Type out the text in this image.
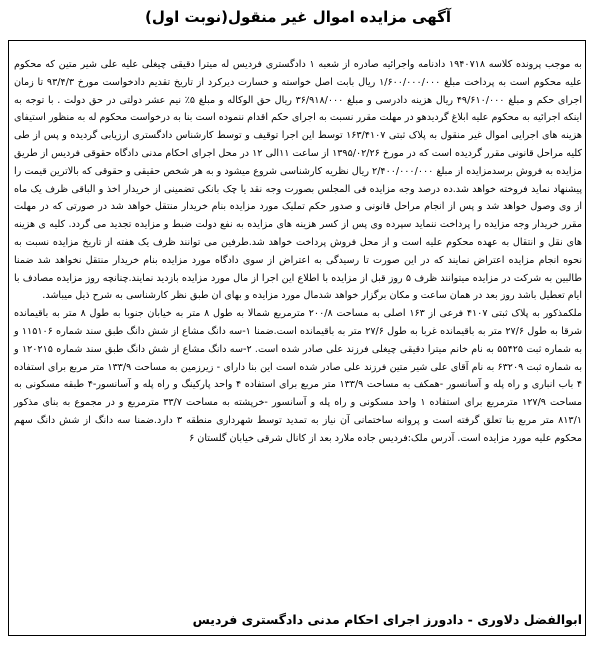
آگهی مزایده اموال غیر منقول(نوبت اول)

به موجب پرونده کلاسه ۱۹۴۰۷۱۸ دادنامه واجرائیه صادره از شعبه ۱ دادگستری فردیس له میترا دقیقی چیغلی علیه علی شیر متین که محکوم علیه محکوم است به پرداخت مبلغ ۱/۶۰۰/۰۰۰/۰۰۰ ریال بابت اصل خواسته و خسارت دیرکرد از تاریخ تقدیم دادخواست مورخ ۹۳/۴/۳ تا زمان اجرای حکم و مبلغ ۴۹/۶۱۰/۰۰۰ ریال هزینه دادرسی و مبلغ ۳۶/۹۱۸/۰۰۰ ریال حق الوکاله و مبلغ ۵٪ نیم عشر دولتی در حق دولت . با توجه به اینکه اجرائیه به محکوم علیه ابلاغ گردیدهو در مهلت مقرر نسبت به اجرای حکم اقدام ننموده است بنا به درخواست محکوم له به منظور استیفای هزینه های اجرایی اموال غیر منقول به پلاک ثبتی ۱۶۳/۴۱۰۷ توسط این اجرا توقیف و توسط کارشناس دادگستری ارزیابی گردیده و پس از طی کلیه مراحل قانونی مقرر گردیده است که در مورخ ۱۳۹۵/۰۲/۲۶ از ساعت ۱۱الی ۱۲ در محل اجرای احکام مدنی دادگاه حقوقی فردیس از طریق مزایده به فروش برسدمزایده از مبلغ ۲/۴۰۰/۰۰۰/۰۰۰ ریال نظریه کارشناسی شروع میشود و به هر شخص حقیقی و حقوقی که بالاترین قیمت را پیشنهاد نماید فروخته خواهد شد.ده درصد وجه مزایده فی المجلس بصورت وجه نقد یا چک بانکی تضمینی از خریدار اخذ و الباقی ظرف یک ماه از وی وصول خواهد شد و پس از انجام مراحل قانونی و صدور حکم تملیک مورد مزایده بنام خریدار منتقل خواهد شد در صورتی که در مهلت مقرر خریدار وجه مزایده را پرداخت ننماید سپرده وی پس از کسر هزینه های مزایده به نفع دولت ضبط و مزایده تجدید می گردد. کلیه ی هزینه های نقل و انتقال به عهده محکوم علیه است و از محل فروش پرداخت خواهد شد.طرفین می توانند ظرف یک هفته از تاریخ مزایده نسبت به نحوه انجام مزایده اعتراض نمایند که در این صورت تا رسیدگی به اعتراض از سوی دادگاه مورد مزایده بنام خریدار منتقل نخواهد شد ضمنا طالبین به شرکت در مزایده میتوانند ظرف ۵ روز قبل از مزایده با اطلاع این اجرا از مال مورد مزایده بازدید نمایند.چنانچه روز مزایده مصادف با ایام تعطیل باشد روز بعد در همان ساعت و مکان برگزار خواهد شدمال مورد مزایده و بهای ان طبق نظر کارشناسی به شرح ذیل میباشد.

ملکمذکور به پلاک ثبتی ۴۱۰۷ فرعی از ۱۶۳ اصلی به مساحت ۲۰۰/۸ مترمربع شمالا به طول ۸ متر به خیابان جنوبا به طول ۸ متر به باقیمانده شرقا به طول ۲۷/۶ متر به باقیمانده غربا به طول ۲۷/۶ متر به باقیمانده است.ضمنا ۱-سه دانگ مشاع از شش دانگ طبق سند شماره ۱۱۵۱۰۶ و به شماره ثبت ۵۵۴۲۵ به نام خانم میترا دقیقی چیغلی فرزند علی صادر شده است. ۲-سه دانگ مشاع از شش دانگ طبق سند شماره ۱۲۰۲۱۵ و به شماره ثبت ۶۳۲۰۹ به نام آقای علی شیر متین فرزند علی صادر شده است این بنا دارای - زیرزمین به مساحت ۱۳۳/۹ متر مربع برای استفاده ۴ باب انباری و راه پله و آسانسور -همکف به مساحت ۱۳۳/۹ متر مربع برای استفاده ۴ واحد پارکینگ و راه پله و آسانسور-۴ طبقه مسکونی به مساحت ۱۲۷/۹ مترمربع برای استفاده ۱ واحد مسکونی و راه پله و آسانسور -خرپشته به مساحت ۳۳/۷ مترمربع و در مجموع به بنای مذکور ۸۱۳/۱ متر مربع بنا تعلق گرفته است و پروانه ساختمانی آن نیاز به تمدید توسط شهرداری منطقه ۳ دارد.ضمنا سه دانگ از شش دانگ سهم محکوم علیه مورد مزایده است. آدرس ملک:فردیس جاده ملارد بعد از کانال شرقی خیابان گلستان ۶

ابوالفضل دلاوری - دادورز اجرای احکام مدنی دادگستری فردیس
